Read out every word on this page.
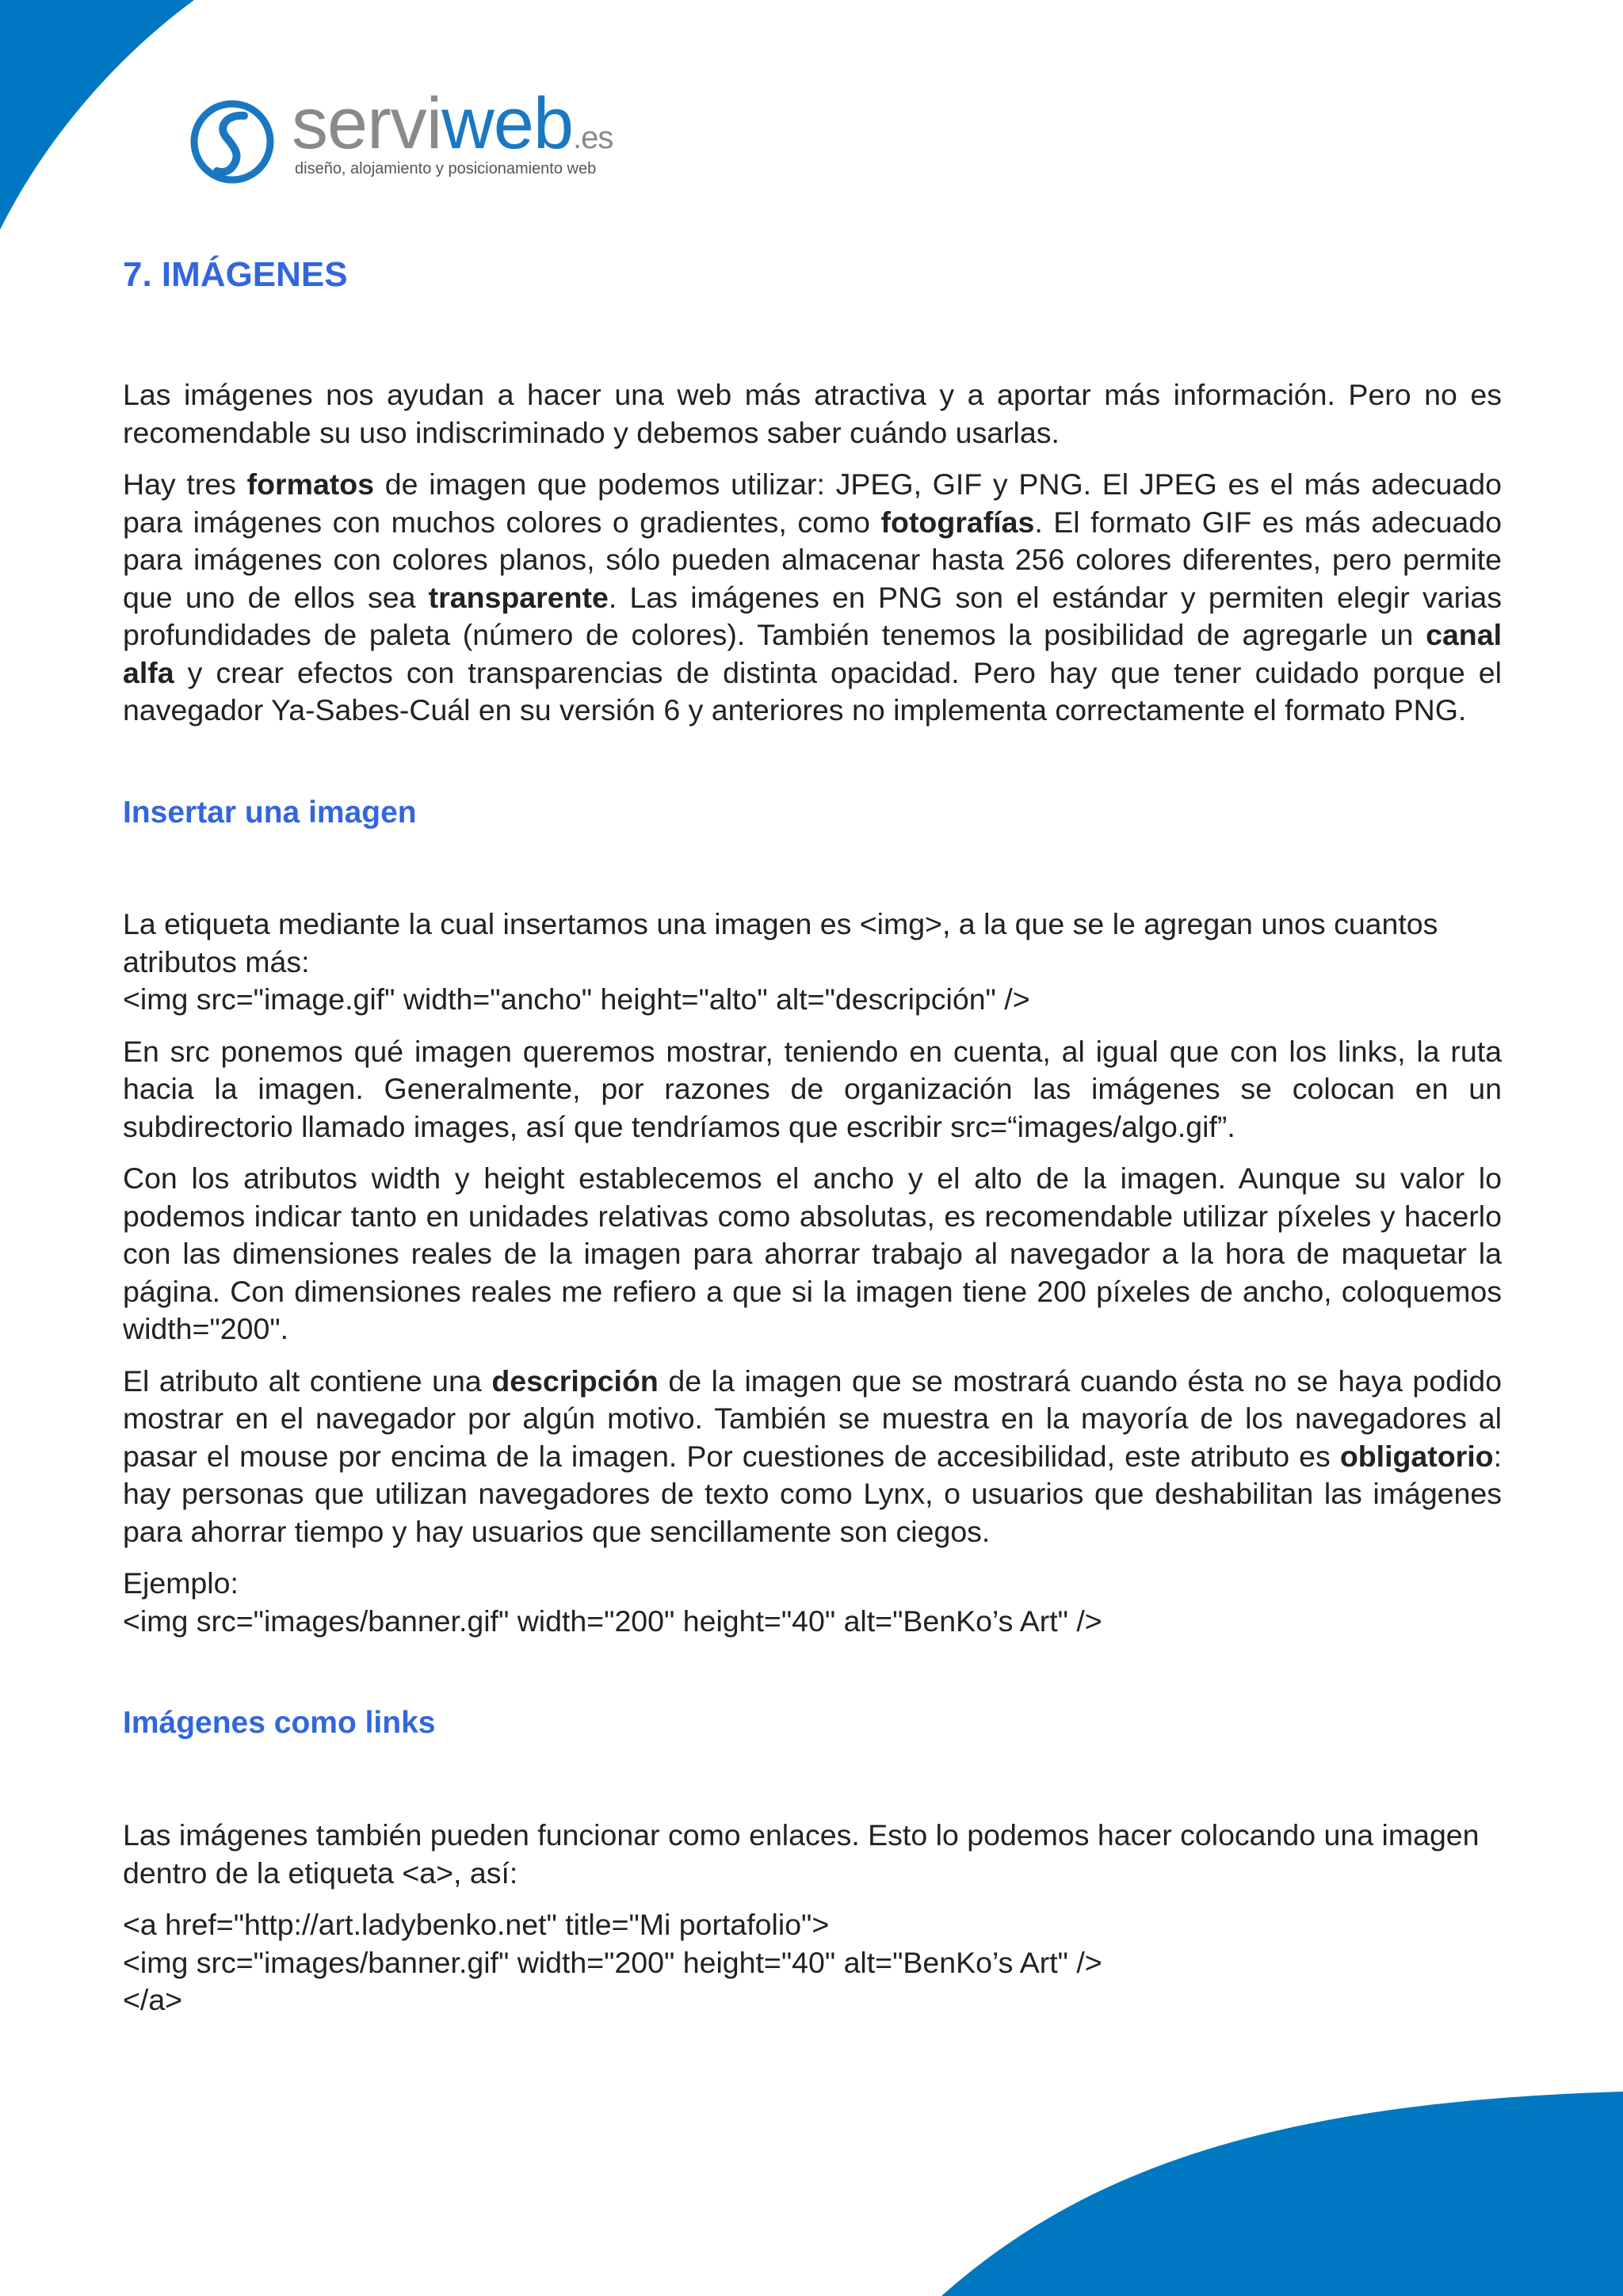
serviweb.es
diseño, alojamiento y posicionamiento web
7. IMÁGENES

Las imágenes nos ayudan a hacer una web más atractiva y a aportar más información. Pero no es recomendable su uso indiscriminado y debemos saber cuándo usarlas.

Hay tres formatos de imagen que podemos utilizar: JPEG, GIF y PNG. El JPEG es el más adecuado para imágenes con muchos colores o gradientes, como fotografías. El formato GIF es más adecuado para imágenes con colores planos, sólo pueden almacenar hasta 256 colores diferentes, pero permite que uno de ellos sea transparente. Las imágenes en PNG son el estándar y permiten elegir varias profundidades de paleta (número de colores). También tenemos la posibilidad de agregarle un canal alfa y crear efectos con transparencias de distinta opacidad. Pero hay que tener cuidado porque el navegador Ya-Sabes-Cuál en su versión 6 y anteriores no implementa correctamente el formato PNG.

Insertar una imagen

La etiqueta mediante la cual insertamos una imagen es <img>, a la que se le agregan unos cuantos atributos más:
<img src="image.gif" width="ancho" height="alto" alt="descripción" />

En src ponemos qué imagen queremos mostrar, teniendo en cuenta, al igual que con los links, la ruta hacia la imagen. Generalmente, por razones de organización las imágenes se colocan en un subdirectorio llamado images, así que tendríamos que escribir src=“images/algo.gif”.

Con los atributos width y height establecemos el ancho y el alto de la imagen. Aunque su valor lo podemos indicar tanto en unidades relativas como absolutas, es recomendable utilizar píxeles y hacerlo con las dimensiones reales de la imagen para ahorrar trabajo al navegador a la hora de maquetar la página. Con dimensiones reales me refiero a que si la imagen tiene 200 píxeles de ancho, coloquemos width="200".

El atributo alt contiene una descripción de la imagen que se mostrará cuando ésta no se haya podido mostrar en el navegador por algún motivo. También se muestra en la mayoría de los navegadores al pasar el mouse por encima de la imagen. Por cuestiones de accesibilidad, este atributo es obligatorio: hay personas que utilizan navegadores de texto como Lynx, o usuarios que deshabilitan las imágenes para ahorrar tiempo y hay usuarios que sencillamente son ciegos.

Ejemplo:
<img src="images/banner.gif" width="200" height="40" alt="BenKo’s Art" />

Imágenes como links

Las imágenes también pueden funcionar como enlaces. Esto lo podemos hacer colocando una imagen dentro de la etiqueta <a>, así:

<a href="http://art.ladybenko.net" title="Mi portafolio">
<img src="images/banner.gif" width="200" height="40" alt="BenKo’s Art" />
</a>
